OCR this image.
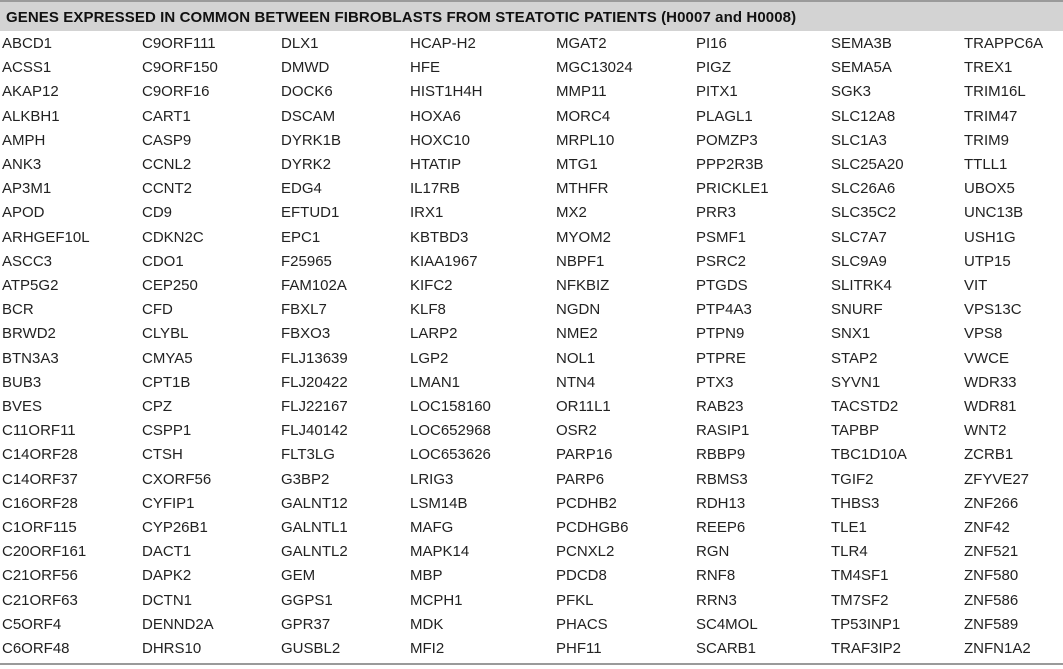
GENES EXPRESSED IN COMMON BETWEEN FIBROBLASTS FROM STEATOTIC PATIENTS (H0007 and H0008)
ABCD1	C9ORF111	DLX1	HCAP-H2	MGAT2	PI16	SEMA3B	TRAPPC6A
ACSS1	C9ORF150	DMWD	HFE	MGC13024	PIGZ	SEMA5A	TREX1
AKAP12	C9ORF16	DOCK6	HIST1H4H	MMP11	PITX1	SGK3	TRIM16L
ALKBH1	CART1	DSCAM	HOXA6	MORC4	PLAGL1	SLC12A8	TRIM47
AMPH	CASP9	DYRK1B	HOXC10	MRPL10	POMZP3	SLC1A3	TRIM9
ANK3	CCNL2	DYRK2	HTATIP	MTG1	PPP2R3B	SLC25A20	TTLL1
AP3M1	CCNT2	EDG4	IL17RB	MTHFR	PRICKLE1	SLC26A6	UBOX5
APOD	CD9	EFTUD1	IRX1	MX2	PRR3	SLC35C2	UNC13B
ARHGEF10L	CDKN2C	EPC1	KBTBD3	MYOM2	PSMF1	SLC7A7	USH1G
ASCC3	CDO1	F25965	KIAA1967	NBPF1	PSRC2	SLC9A9	UTP15
ATP5G2	CEP250	FAM102A	KIFC2	NFKBIZ	PTGDS	SLITRK4	VIT
BCR	CFD	FBXL7	KLF8	NGDN	PTP4A3	SNURF	VPS13C
BRWD2	CLYBL	FBXO3	LARP2	NME2	PTPN9	SNX1	VPS8
BTN3A3	CMYA5	FLJ13639	LGP2	NOL1	PTPRE	STAP2	VWCE
BUB3	CPT1B	FLJ20422	LMAN1	NTN4	PTX3	SYVN1	WDR33
BVES	CPZ	FLJ22167	LOC158160	OR11L1	RAB23	TACSTD2	WDR81
C11ORF11	CSPP1	FLJ40142	LOC652968	OSR2	RASIP1	TAPBP	WNT2
C14ORF28	CTSH	FLT3LG	LOC653626	PARP16	RBBP9	TBC1D10A	ZCRB1
C14ORF37	CXORF56	G3BP2	LRIG3	PARP6	RBMS3	TGIF2	ZFYVE27
C16ORF28	CYFIP1	GALNT12	LSM14B	PCDHB2	RDH13	THBS3	ZNF266
C1ORF115	CYP26B1	GALNTL1	MAFG	PCDHGB6	REEP6	TLE1	ZNF42
C20ORF161	DACT1	GALNTL2	MAPK14	PCNXL2	RGN	TLR4	ZNF521
C21ORF56	DAPK2	GEM	MBP	PDCD8	RNF8	TM4SF1	ZNF580
C21ORF63	DCTN1	GGPS1	MCPH1	PFKL	RRN3	TM7SF2	ZNF586
C5ORF4	DENND2A	GPR37	MDK	PHACS	SC4MOL	TP53INP1	ZNF589
C6ORF48	DHRS10	GUSBL2	MFI2	PHF11	SCARB1	TRAF3IP2	ZNFN1A2
